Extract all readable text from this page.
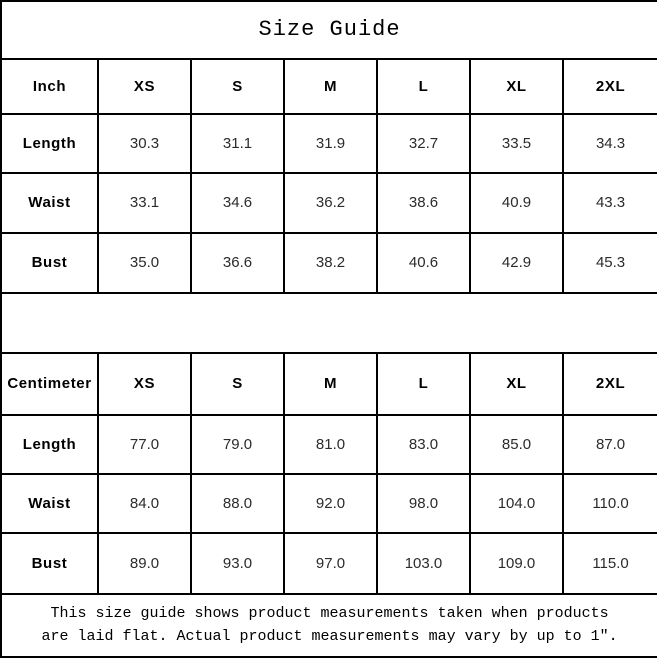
Size Guide						
Inch	XS	S	M	L	XL	2XL
Length	30.3	31.1	31.9	32.7	33.5	34.3
Waist	33.1	34.6	36.2	38.6	40.9	43.3
Bust	35.0	36.6	38.2	40.6	42.9	45.3

Centimeter	XS	S	M	L	XL	2XL
Length	77.0	79.0	81.0	83.0	85.0	87.0
Waist	84.0	88.0	92.0	98.0	104.0	110.0
Bust	89.0	93.0	97.0	103.0	109.0	115.0

This size guide shows product measurements taken when products
are laid flat. Actual product measurements may vary by up to 1″.						
